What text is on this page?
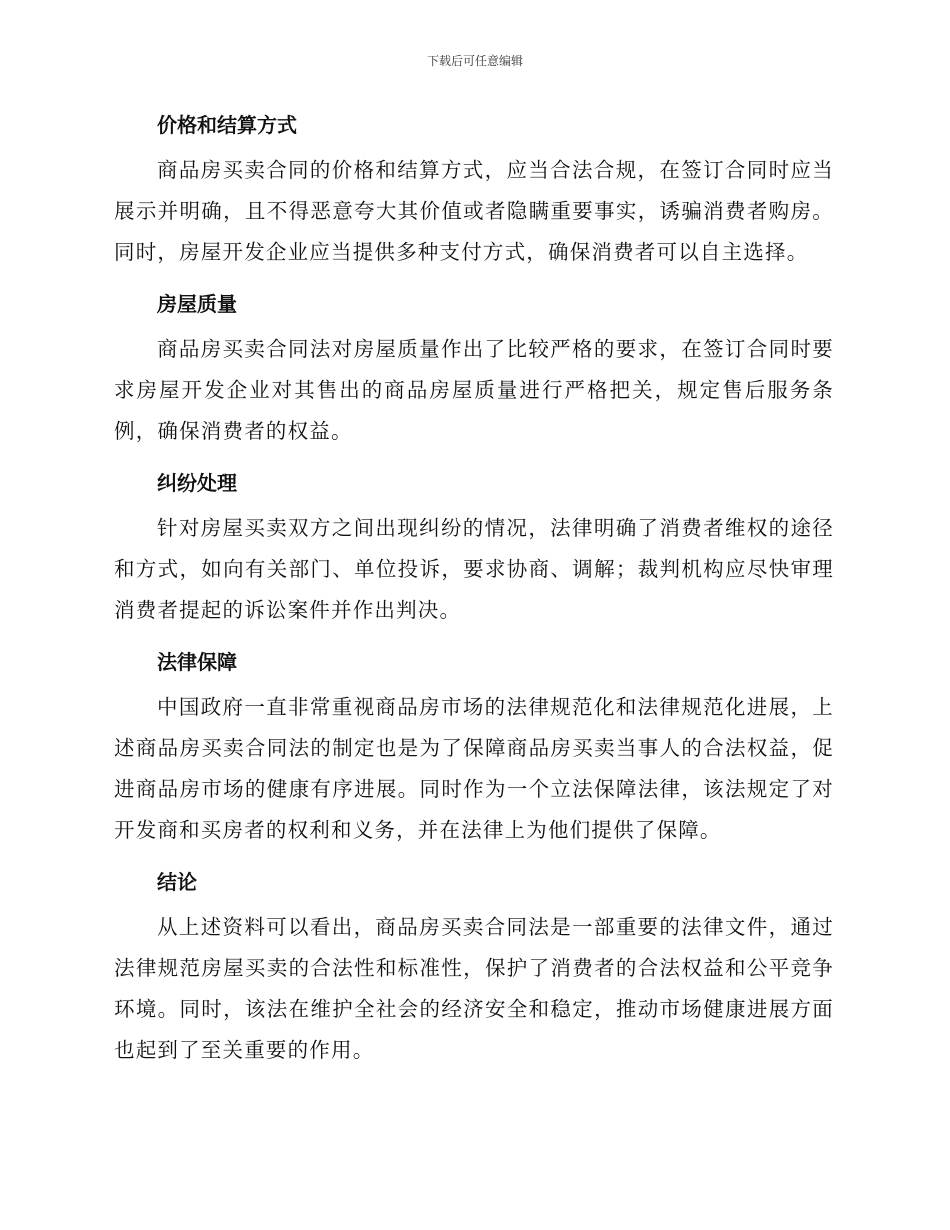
下载后可任意编辑
价格和结算方式

商品房买卖合同的价格和结算方式，应当合法合规，在签订合同时应当展示并明确，且不得恶意夸大其价值或者隐瞒重要事实，诱骗消费者购房。同时，房屋开发企业应当提供多种支付方式，确保消费者可以自主选择。

房屋质量

商品房买卖合同法对房屋质量作出了比较严格的要求，在签订合同时要求房屋开发企业对其售出的商品房屋质量进行严格把关，规定售后服务条例，确保消费者的权益。

纠纷处理

针对房屋买卖双方之间出现纠纷的情况，法律明确了消费者维权的途径和方式，如向有关部门、单位投诉，要求协商、调解；裁判机构应尽快审理消费者提起的诉讼案件并作出判决。

法律保障

中国政府一直非常重视商品房市场的法律规范化和法律规范化进展，上述商品房买卖合同法的制定也是为了保障商品房买卖当事人的合法权益，促进商品房市场的健康有序进展。同时作为一个立法保障法律，该法规定了对开发商和买房者的权利和义务，并在法律上为他们提供了保障。

结论

从上述资料可以看出，商品房买卖合同法是一部重要的法律文件，通过法律规范房屋买卖的合法性和标准性，保护了消费者的合法权益和公平竞争环境。同时，该法在维护全社会的经济安全和稳定，推动市场健康进展方面也起到了至关重要的作用。
